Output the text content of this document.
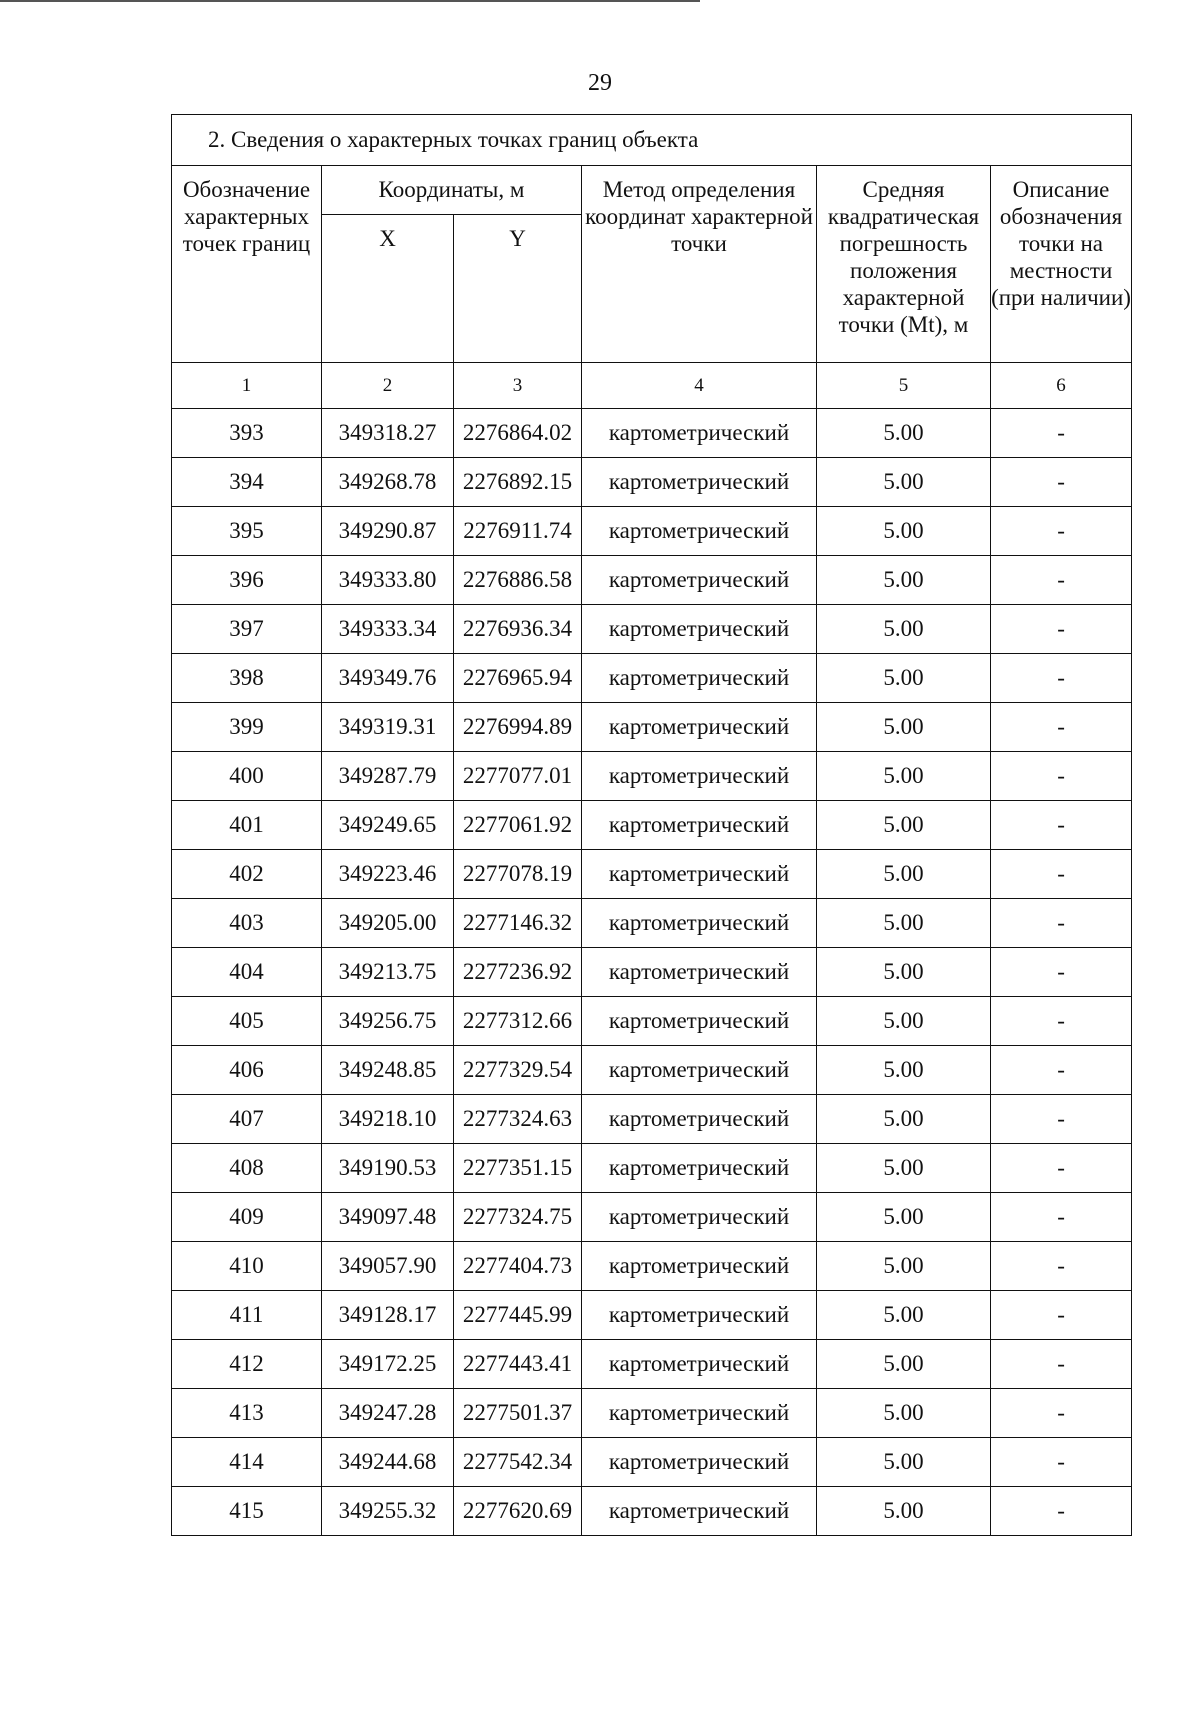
29
2. Сведения о характерных точках границ объекта					
Обозначение характерных точек границ	Координаты, м		Метод определения координат характерной точки	Средняя квадратическая погрешность положения характерной точки (Mt), м	Описание обозначения точки на местности (при наличии)
	X	Y			
1	2	3	4	5	6
393	349318.27	2276864.02	картометрический	5.00	-
394	349268.78	2276892.15	картометрический	5.00	-
395	349290.87	2276911.74	картометрический	5.00	-
396	349333.80	2276886.58	картометрический	5.00	-
397	349333.34	2276936.34	картометрический	5.00	-
398	349349.76	2276965.94	картометрический	5.00	-
399	349319.31	2276994.89	картометрический	5.00	-
400	349287.79	2277077.01	картометрический	5.00	-
401	349249.65	2277061.92	картометрический	5.00	-
402	349223.46	2277078.19	картометрический	5.00	-
403	349205.00	2277146.32	картометрический	5.00	-
404	349213.75	2277236.92	картометрический	5.00	-
405	349256.75	2277312.66	картометрический	5.00	-
406	349248.85	2277329.54	картометрический	5.00	-
407	349218.10	2277324.63	картометрический	5.00	-
408	349190.53	2277351.15	картометрический	5.00	-
409	349097.48	2277324.75	картометрический	5.00	-
410	349057.90	2277404.73	картометрический	5.00	-
411	349128.17	2277445.99	картометрический	5.00	-
412	349172.25	2277443.41	картометрический	5.00	-
413	349247.28	2277501.37	картометрический	5.00	-
414	349244.68	2277542.34	картометрический	5.00	-
415	349255.32	2277620.69	картометрический	5.00	-
